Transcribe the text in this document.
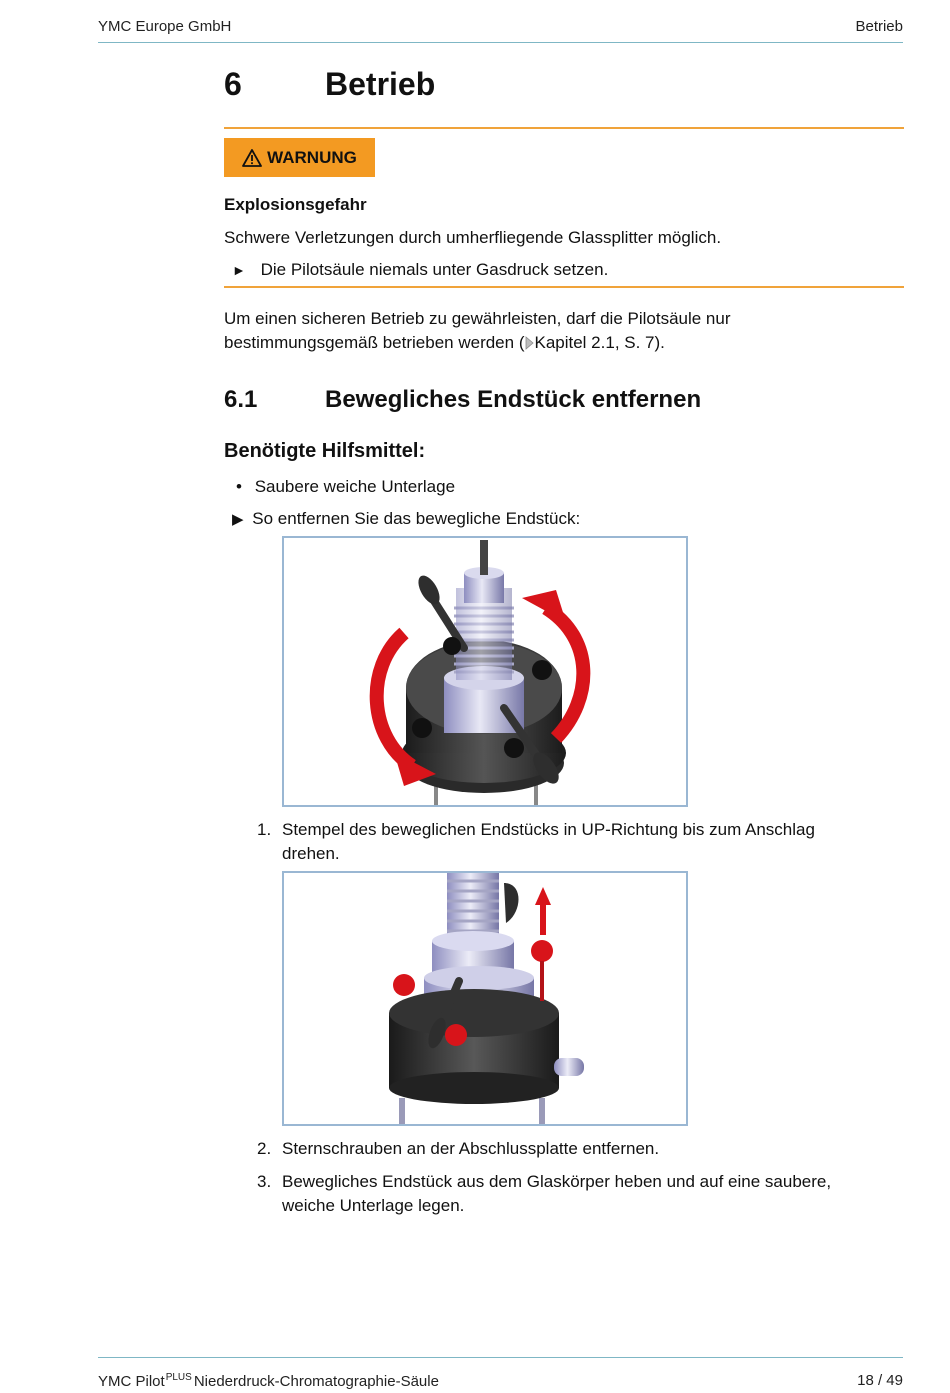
YMC Europe GmbH	Betrieb
6	Betrieb
WARNUNG
Explosionsgefahr
Schwere Verletzungen durch umherfliegende Glassplitter möglich.
► Die Pilotsäule niemals unter Gasdruck setzen.
Um einen sicheren Betrieb zu gewährleisten, darf die Pilotsäule nur
bestimmungsgemäß betrieben werden ( Kapitel 2.1, S. 7).
6.1	Bewegliches Endstück entfernen
Benötigte Hilfsmittel:
• Saubere weiche Unterlage
▶ So entfernen Sie das bewegliche Endstück:
1. Stempel des beweglichen Endstücks in UP-Richtung bis zum Anschlag
drehen.
2. Sternschrauben an der Abschlussplatte entfernen.
3. Bewegliches Endstück aus dem Glaskörper heben und auf eine saubere,
weiche Unterlage legen.
YMC Pilot$^{PLUS}$ Niederdruck-Chromatographie-Säule	18 / 49
